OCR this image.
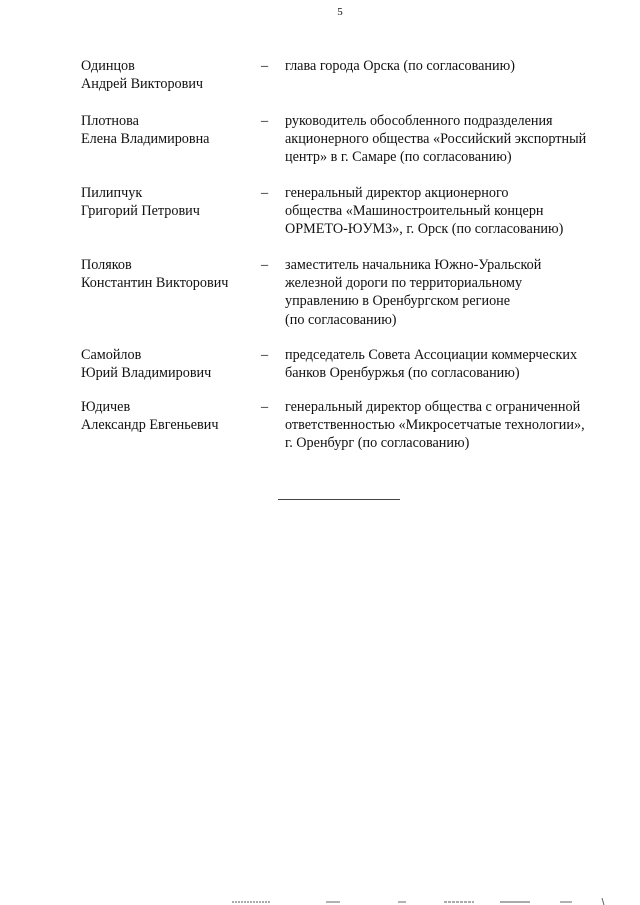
5
Одинцов
Андрей Викторович
–	глава города Орска (по согласованию)
Плотнова
Елена Владимировна
–	руководитель обособленного подразделения
акционерного общества «Российский экспортный
центр» в г. Самаре (по согласованию)
Пилипчук
Григорий Петрович
–	генеральный директор акционерного
общества «Машиностроительный концерн
ОРМЕТО-ЮУМЗ», г. Орск (по согласованию)
Поляков
Константин Викторович
–	заместитель начальника Южно-Уральской
железной дороги по территориальному
управлению в Оренбургском регионе
(по согласованию)
Самойлов
Юрий Владимирович
–	председатель Совета Ассоциации коммерческих
банков Оренбуржья (по согласованию)
Юдичев
Александр Евгеньевич
–	генеральный директор общества с ограниченной
ответственностью «Микросетчатые технологии»,
г. Оренбург (по согласованию)
